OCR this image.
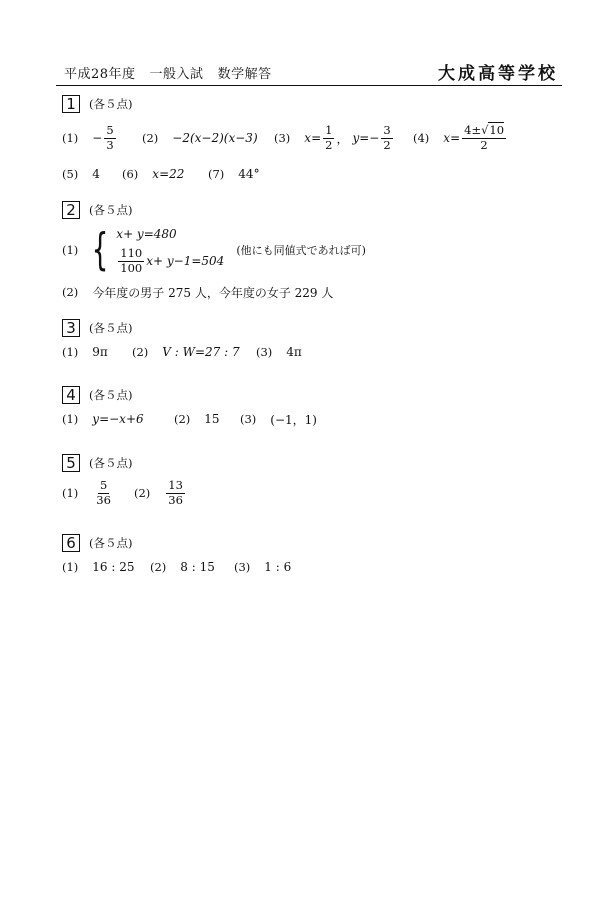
平成28年度 一般入試 数学解答	大成高等学校
1	(各５点)
$(1) - \frac{5}{3} (2) -2(x-2)(x-3)$ (3) $x= \frac{1}{2}$ ， $y=- \frac{3}{2} (4)$ $x= \frac{4\pm√10}{2}$
(5) 4 (6) x=22 (7) 44°
2	(各５点)
(1) { x+ y=480
$\frac{110}{100} x+ y-1=504$
(他にも同値式であれば可)
(2) 今年度の男子 275 人，今年度の女子 229 人
3	(各５点)
(1) 9π (2) V : W=27 : 7 (3) 4π
4	(各５点)
(1) y=−x+6	(2) 15 (3) (−1，1)
5	(各５点)
$(1) \frac{5}{36} (2) \frac{13}{36}$
6	(各５点)
(1) 16 : 25 (2) 8 : 15 (3) 1 : 6
